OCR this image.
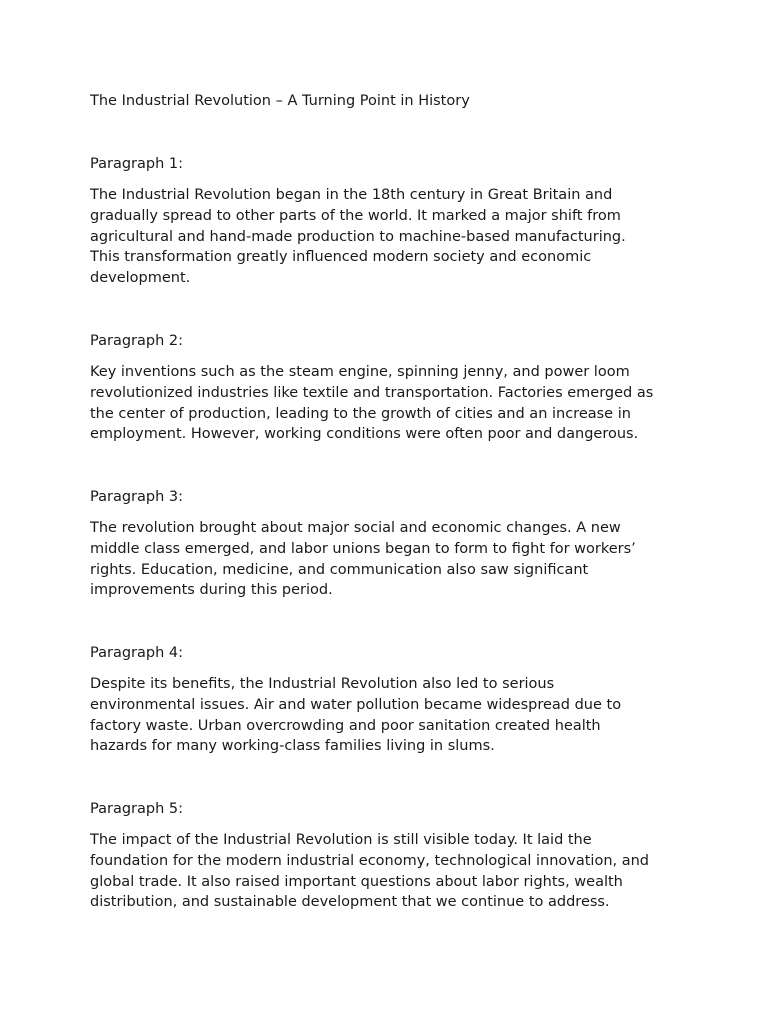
The Industrial Revolution – A Turning Point in History

Paragraph 1:

The Industrial Revolution began in the 18th century in Great Britain and
gradually spread to other parts of the world. It marked a major shift from
agricultural and hand-made production to machine-based manufacturing.
This transformation greatly influenced modern society and economic
development.

Paragraph 2:

Key inventions such as the steam engine, spinning jenny, and power loom
revolutionized industries like textile and transportation. Factories emerged as
the center of production, leading to the growth of cities and an increase in
employment. However, working conditions were often poor and dangerous.

Paragraph 3:

The revolution brought about major social and economic changes. A new
middle class emerged, and labor unions began to form to fight for workers’
rights. Education, medicine, and communication also saw significant
improvements during this period.

Paragraph 4:

Despite its benefits, the Industrial Revolution also led to serious
environmental issues. Air and water pollution became widespread due to
factory waste. Urban overcrowding and poor sanitation created health
hazards for many working-class families living in slums.

Paragraph 5:

The impact of the Industrial Revolution is still visible today. It laid the
foundation for the modern industrial economy, technological innovation, and
global trade. It also raised important questions about labor rights, wealth
distribution, and sustainable development that we continue to address.
